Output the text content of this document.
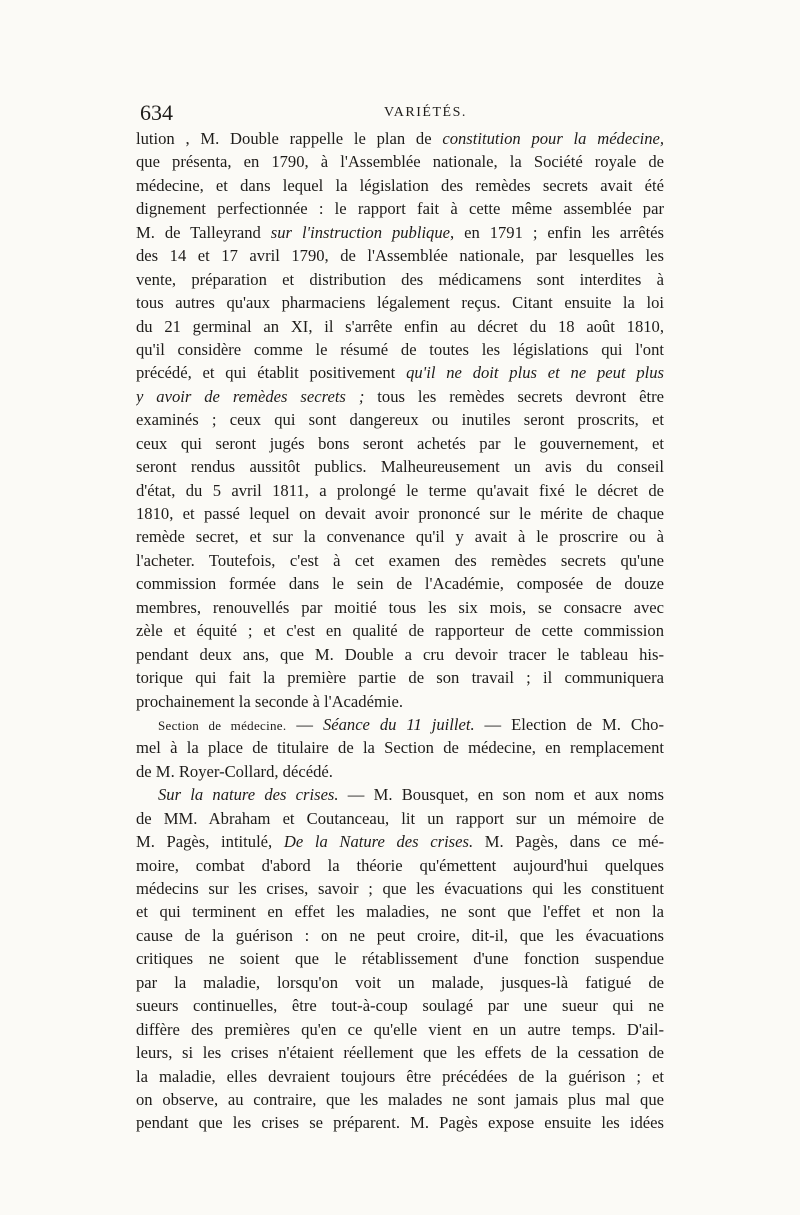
634	VARIÉTÉS.
lution , M. Double rappelle le plan de constitution pour la médecine,
que présenta, en 1790, à l'Assemblée nationale, la Société royale de
médecine, et dans lequel la législation des remèdes secrets avait été
dignement perfectionnée : le rapport fait à cette même assemblée par
M. de Talleyrand sur l'instruction publique, en 1791 ; enfin les arrêtés
des 14 et 17 avril 1790, de l'Assemblée nationale, par lesquelles les
vente, préparation et distribution des médicamens sont interdites à
tous autres qu'aux pharmaciens légalement reçus. Citant ensuite la loi
du 21 germinal an XI, il s'arrête enfin au décret du 18 août 1810,
qu'il considère comme le résumé de toutes les législations qui l'ont
précédé, et qui établit positivement qu'il ne doit plus et ne peut plus
y avoir de remèdes secrets ; tous les remèdes secrets devront être
examinés ; ceux qui sont dangereux ou inutiles seront proscrits, et
ceux qui seront jugés bons seront achetés par le gouvernement, et
seront rendus aussitôt publics. Malheureusement un avis du conseil
d'état, du 5 avril 1811, a prolongé le terme qu'avait fixé le décret de
1810, et passé lequel on devait avoir prononcé sur le mérite de chaque
remède secret, et sur la convenance qu'il y avait à le proscrire ou à
l'acheter. Toutefois, c'est à cet examen des remèdes secrets qu'une
commission formée dans le sein de l'Académie, composée de douze
membres, renouvellés par moitié tous les six mois, se consacre avec
zèle et équité ; et c'est en qualité de rapporteur de cette commission
pendant deux ans, que M. Double a cru devoir tracer le tableau his-
torique qui fait la première partie de son travail ; il communiquera
prochainement la seconde à l'Académie.
Section de médecine. — Séance du 11 juillet. — Election de M. Cho-
mel à la place de titulaire de la Section de médecine, en remplacement
de M. Royer-Collard, décédé.
Sur la nature des crises. — M. Bousquet, en son nom et aux noms
de MM. Abraham et Coutanceau, lit un rapport sur un mémoire de
M. Pagès, intitulé, De la Nature des crises. M. Pagès, dans ce mé-
moire, combat d'abord la théorie qu'émettent aujourd'hui quelques
médecins sur les crises, savoir ; que les évacuations qui les constituent
et qui terminent en effet les maladies, ne sont que l'effet et non la
cause de la guérison : on ne peut croire, dit-il, que les évacuations
critiques ne soient que le rétablissement d'une fonction suspendue
par la maladie, lorsqu'on voit un malade, jusques-là fatigué de
sueurs continuelles, être tout-à-coup soulagé par une sueur qui ne
diffère des premières qu'en ce qu'elle vient en un autre temps. D'ail-
leurs, si les crises n'étaient réellement que les effets de la cessation de
la maladie, elles devraient toujours être précédées de la guérison ; et
on observe, au contraire, que les malades ne sont jamais plus mal que
pendant que les crises se préparent. M. Pagès expose ensuite les idées
